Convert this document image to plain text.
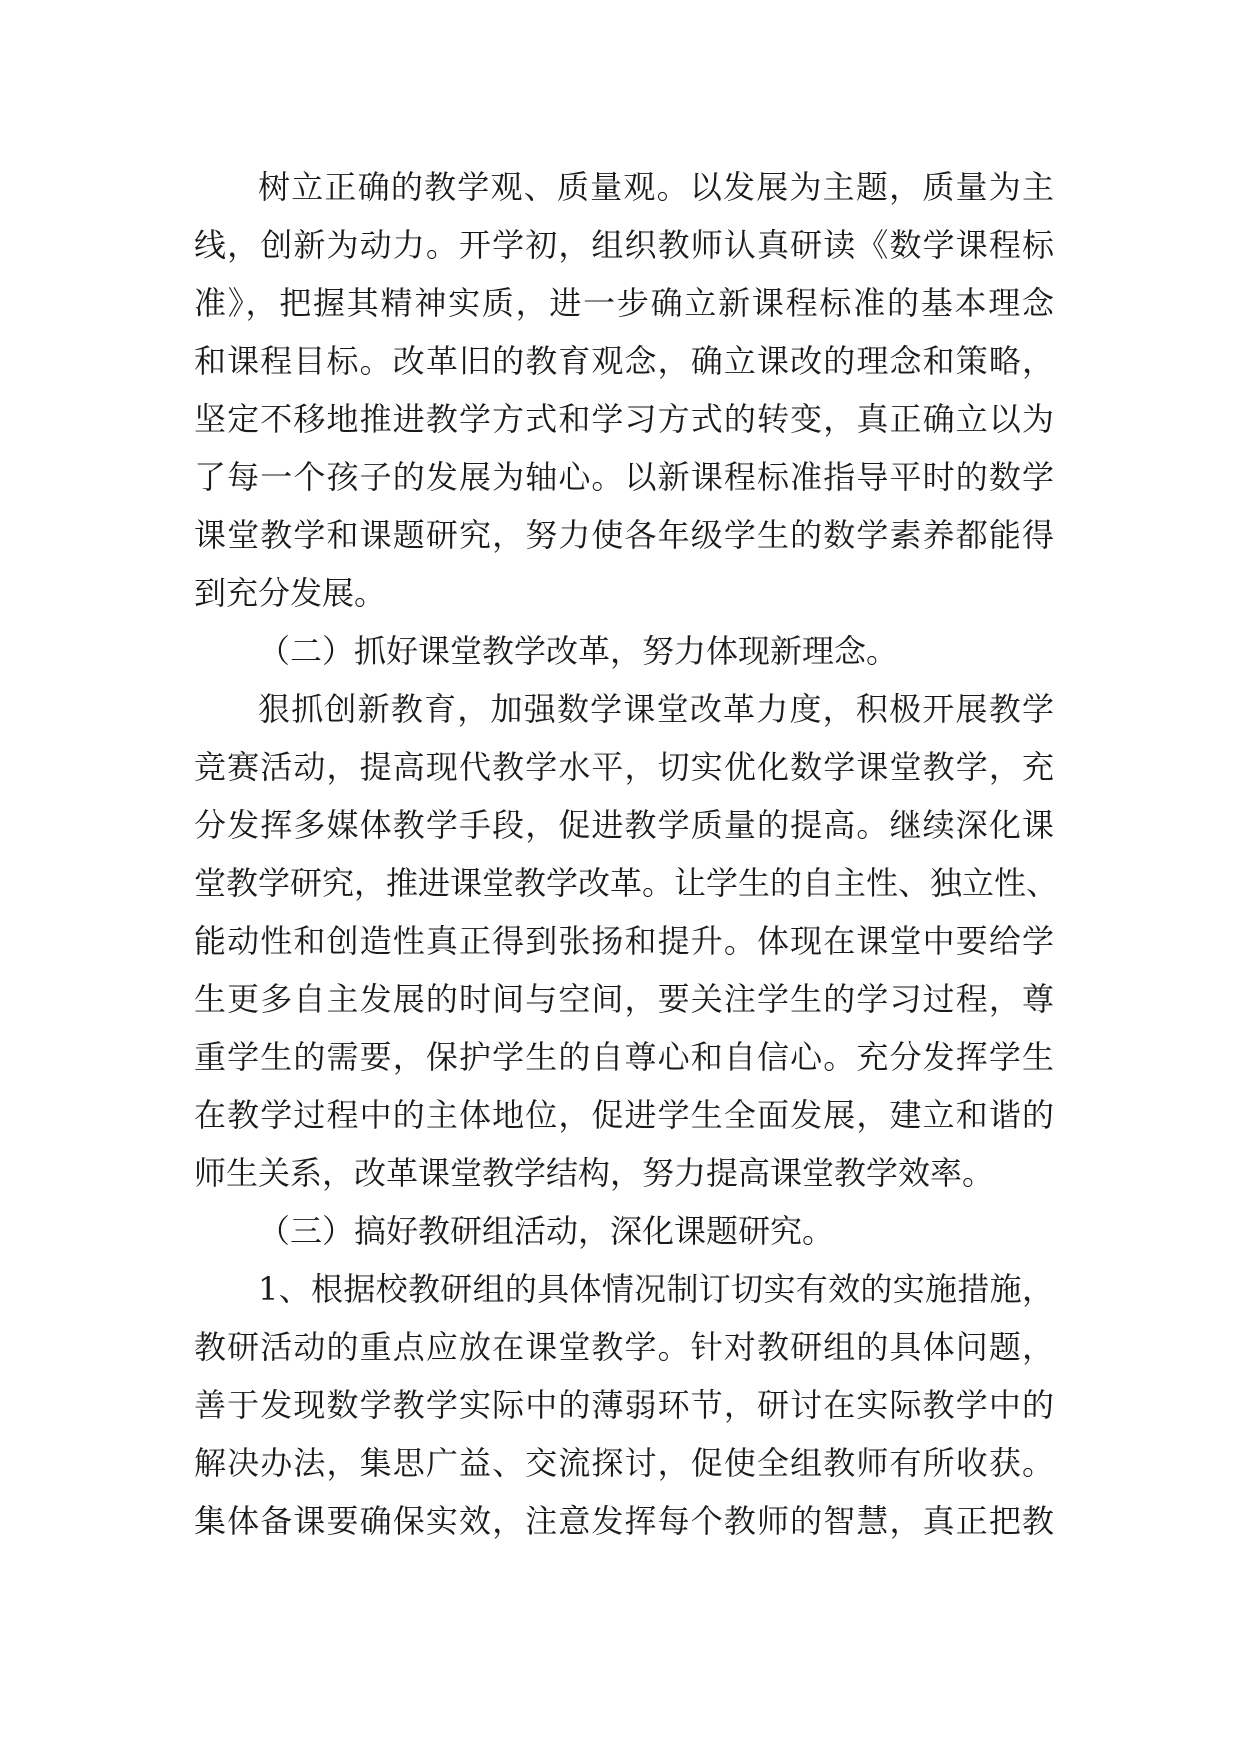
树立正确的教学观、质量观。以发展为主题，质量为主
线，创新为动力。开学初，组织教师认真研读《数学课程标
准》，把握其精神实质，进一步确立新课程标准的基本理念
和课程目标。改革旧的教育观念，确立课改的理念和策略，
坚定不移地推进教学方式和学习方式的转变，真正确立以为
了每一个孩子的发展为轴心。以新课程标准指导平时的数学
课堂教学和课题研究，努力使各年级学生的数学素养都能得
到充分发展。
（二）抓好课堂教学改革，努力体现新理念。
狠抓创新教育，加强数学课堂改革力度，积极开展教学
竞赛活动，提高现代教学水平，切实优化数学课堂教学，充
分发挥多媒体教学手段，促进教学质量的提高。继续深化课
堂教学研究，推进课堂教学改革。让学生的自主性、独立性、
能动性和创造性真正得到张扬和提升。体现在课堂中要给学
生更多自主发展的时间与空间，要关注学生的学习过程，尊
重学生的需要，保护学生的自尊心和自信心。充分发挥学生
在教学过程中的主体地位，促进学生全面发展，建立和谐的
师生关系，改革课堂教学结构，努力提高课堂教学效率。
（三）搞好教研组活动，深化课题研究。
1、根据校教研组的具体情况制订切实有效的实施措施，
教研活动的重点应放在课堂教学。针对教研组的具体问题，
善于发现数学教学实际中的薄弱环节，研讨在实际教学中的
解决办法，集思广益、交流探讨，促使全组教师有所收获。
集体备课要确保实效，注意发挥每个教师的智慧，真正把教
